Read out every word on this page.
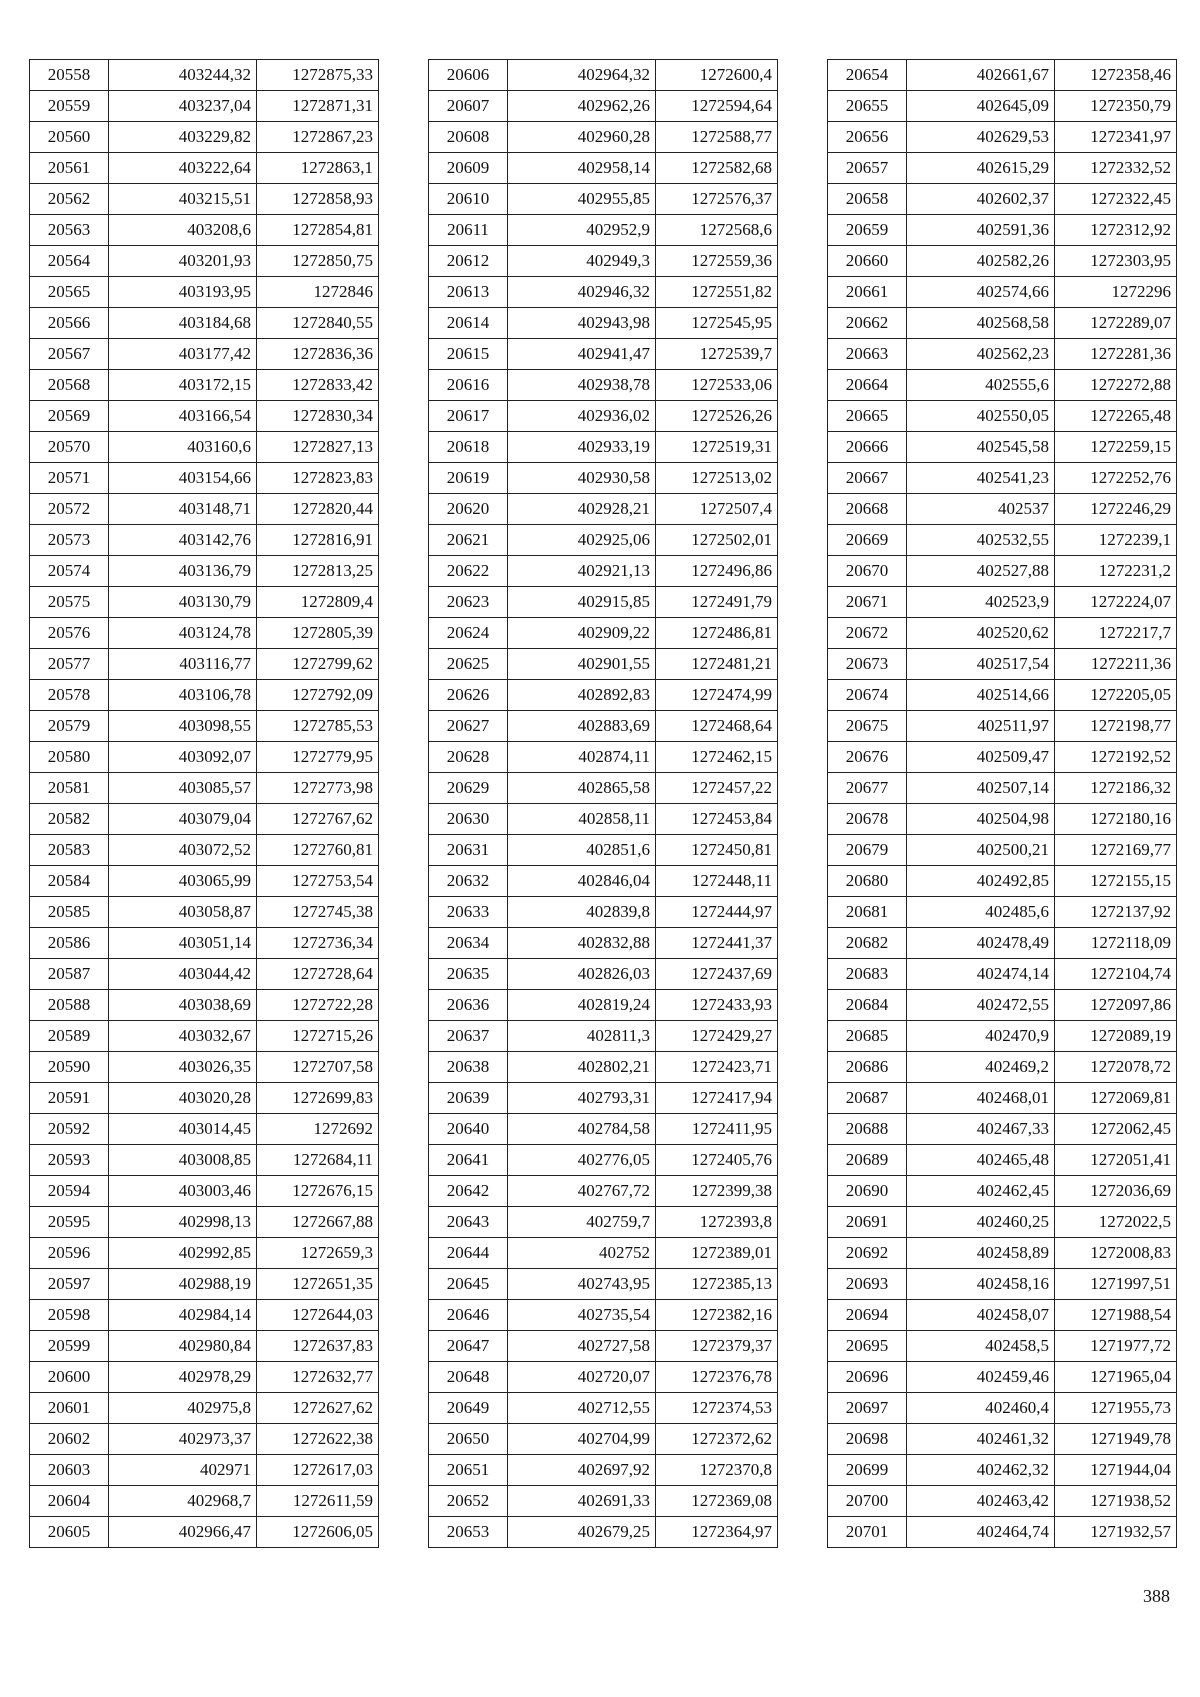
20558	403244,32	1272875,33
20559	403237,04	1272871,31
20560	403229,82	1272867,23
20561	403222,64	1272863,1
20562	403215,51	1272858,93
20563	403208,6	1272854,81
20564	403201,93	1272850,75
20565	403193,95	1272846
20566	403184,68	1272840,55
20567	403177,42	1272836,36
20568	403172,15	1272833,42
20569	403166,54	1272830,34
20570	403160,6	1272827,13
20571	403154,66	1272823,83
20572	403148,71	1272820,44
20573	403142,76	1272816,91
20574	403136,79	1272813,25
20575	403130,79	1272809,4
20576	403124,78	1272805,39
20577	403116,77	1272799,62
20578	403106,78	1272792,09
20579	403098,55	1272785,53
20580	403092,07	1272779,95
20581	403085,57	1272773,98
20582	403079,04	1272767,62
20583	403072,52	1272760,81
20584	403065,99	1272753,54
20585	403058,87	1272745,38
20586	403051,14	1272736,34
20587	403044,42	1272728,64
20588	403038,69	1272722,28
20589	403032,67	1272715,26
20590	403026,35	1272707,58
20591	403020,28	1272699,83
20592	403014,45	1272692
20593	403008,85	1272684,11
20594	403003,46	1272676,15
20595	402998,13	1272667,88
20596	402992,85	1272659,3
20597	402988,19	1272651,35
20598	402984,14	1272644,03
20599	402980,84	1272637,83
20600	402978,29	1272632,77
20601	402975,8	1272627,62
20602	402973,37	1272622,38
20603	402971	1272617,03
20604	402968,7	1272611,59
20605	402966,47	1272606,05
20606	402964,32	1272600,4
20607	402962,26	1272594,64
20608	402960,28	1272588,77
20609	402958,14	1272582,68
20610	402955,85	1272576,37
20611	402952,9	1272568,6
20612	402949,3	1272559,36
20613	402946,32	1272551,82
20614	402943,98	1272545,95
20615	402941,47	1272539,7
20616	402938,78	1272533,06
20617	402936,02	1272526,26
20618	402933,19	1272519,31
20619	402930,58	1272513,02
20620	402928,21	1272507,4
20621	402925,06	1272502,01
20622	402921,13	1272496,86
20623	402915,85	1272491,79
20624	402909,22	1272486,81
20625	402901,55	1272481,21
20626	402892,83	1272474,99
20627	402883,69	1272468,64
20628	402874,11	1272462,15
20629	402865,58	1272457,22
20630	402858,11	1272453,84
20631	402851,6	1272450,81
20632	402846,04	1272448,11
20633	402839,8	1272444,97
20634	402832,88	1272441,37
20635	402826,03	1272437,69
20636	402819,24	1272433,93
20637	402811,3	1272429,27
20638	402802,21	1272423,71
20639	402793,31	1272417,94
20640	402784,58	1272411,95
20641	402776,05	1272405,76
20642	402767,72	1272399,38
20643	402759,7	1272393,8
20644	402752	1272389,01
20645	402743,95	1272385,13
20646	402735,54	1272382,16
20647	402727,58	1272379,37
20648	402720,07	1272376,78
20649	402712,55	1272374,53
20650	402704,99	1272372,62
20651	402697,92	1272370,8
20652	402691,33	1272369,08
20653	402679,25	1272364,97
20654	402661,67	1272358,46
20655	402645,09	1272350,79
20656	402629,53	1272341,97
20657	402615,29	1272332,52
20658	402602,37	1272322,45
20659	402591,36	1272312,92
20660	402582,26	1272303,95
20661	402574,66	1272296
20662	402568,58	1272289,07
20663	402562,23	1272281,36
20664	402555,6	1272272,88
20665	402550,05	1272265,48
20666	402545,58	1272259,15
20667	402541,23	1272252,76
20668	402537	1272246,29
20669	402532,55	1272239,1
20670	402527,88	1272231,2
20671	402523,9	1272224,07
20672	402520,62	1272217,7
20673	402517,54	1272211,36
20674	402514,66	1272205,05
20675	402511,97	1272198,77
20676	402509,47	1272192,52
20677	402507,14	1272186,32
20678	402504,98	1272180,16
20679	402500,21	1272169,77
20680	402492,85	1272155,15
20681	402485,6	1272137,92
20682	402478,49	1272118,09
20683	402474,14	1272104,74
20684	402472,55	1272097,86
20685	402470,9	1272089,19
20686	402469,2	1272078,72
20687	402468,01	1272069,81
20688	402467,33	1272062,45
20689	402465,48	1272051,41
20690	402462,45	1272036,69
20691	402460,25	1272022,5
20692	402458,89	1272008,83
20693	402458,16	1271997,51
20694	402458,07	1271988,54
20695	402458,5	1271977,72
20696	402459,46	1271965,04
20697	402460,4	1271955,73
20698	402461,32	1271949,78
20699	402462,32	1271944,04
20700	402463,42	1271938,52
20701	402464,74	1271932,57
388
